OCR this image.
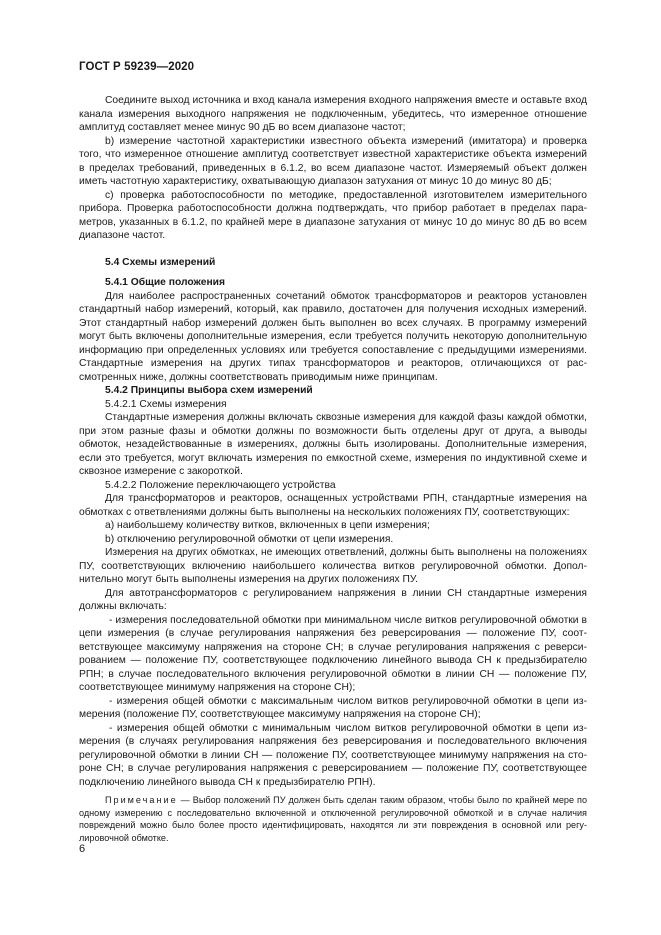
ГОСТ Р 59239—2020

Соедините выход источника и вход канала измерения входного напряжения вместе и оставьте вход канала измерения выходного напряжения не подключенным, убедитесь, что измеренное отношение амплитуд составляет менее минус 90 дБ во всем диапазоне частот;

b) измерение частотной характеристики известного объекта измерений (имитатора) и проверка того, что измеренное отношение амплитуд соответствует известной характеристике объекта измерений в пределах требований, приведенных в 6.1.2, во всем диапазоне частот. Измеряемый объект должен иметь частотную характеристику, охватывающую диапазон затухания от минус 10 до минус 80 дБ;

c) проверка работоспособности по методике, предоставленной изготовителем измерительного прибора. Проверка работоспособности должна подтверждать, что прибор работает в пределах параметров, указанных в 6.1.2, по крайней мере в диапазоне затухания от минус 10 до минус 80 дБ во всем диапазоне частот.

5.4 Схемы измерений

5.4.1 Общие положения

Для наиболее распространенных сочетаний обмоток трансформаторов и реакторов установлен стандартный набор измерений, который, как правило, достаточен для получения исходных измерений. Этот стандартный набор измерений должен быть выполнен во всех случаях. В программу измерений могут быть включены дополнительные измерения, если требуется получить некоторую дополнительную информацию при определенных условиях или требуется сопоставление с предыдущими измерениями. Стандартные измерения на других типах трансформаторов и реакторов, отличающихся от рассмотренных ниже, должны соответствовать приводимым ниже принципам.

5.4.2 Принципы выбора схем измерений

5.4.2.1 Схемы измерения

Стандартные измерения должны включать сквозные измерения для каждой фазы каждой обмотки, при этом разные фазы и обмотки должны по возможности быть отделены друг от друга, а выводы обмоток, незадействованные в измерениях, должны быть изолированы. Дополнительные измерения, если это требуется, могут включать измерения по емкостной схеме, измерения по индуктивной схеме и сквозное измерение с закороткой.

5.4.2.2 Положение переключающего устройства

Для трансформаторов и реакторов, оснащенных устройствами РПН, стандартные измерения на обмотках с ответвлениями должны быть выполнены на нескольких положениях ПУ, соответствующих:

a) наибольшему количеству витков, включенных в цепи измерения;

b) отключению регулировочной обмотки от цепи измерения.

Измерения на других обмотках, не имеющих ответвлений, должны быть выполнены на положениях ПУ, соответствующих включению наибольшего количества витков регулировочной обмотки. Дополнительно могут быть выполнены измерения на других положениях ПУ.

Для автотрансформаторов с регулированием напряжения в линии СН стандартные измерения должны включать:

- измерения последовательной обмотки при минимальном числе витков регулировочной обмотки в цепи измерения (в случае регулирования напряжения без реверсирования — положение ПУ, соответствующее максимуму напряжения на стороне СН; в случае регулирования напряжения с реверсированием — положение ПУ, соответствующее подключению линейного вывода СН к предызбирателю РПН; в случае последовательного включения регулировочной обмотки в линии СН — положение ПУ, соответствующее минимуму напряжения на стороне СН);

- измерения общей обмотки с максимальным числом витков регулировочной обмотки в цепи измерения (положение ПУ, соответствующее максимуму напряжения на стороне СН);

- измерения общей обмотки с минимальным числом витков регулировочной обмотки в цепи измерения (в случаях регулирования напряжения без реверсирования и последовательного включения регулировочной обмотки в линии СН — положение ПУ, соответствующее минимуму напряжения на стороне СН; в случае регулирования напряжения с реверсированием — положение ПУ, соответствующее подключению линейного вывода СН к предызбирателю РПН).

Примечание — Выбор положений ПУ должен быть сделан таким образом, чтобы было по крайней мере по одному измерению с последовательно включенной и отключенной регулировочной обмоткой и в случае наличия повреждений можно было более просто идентифицировать, находятся ли эти повреждения в основной или регулировочной обмотке.

6
